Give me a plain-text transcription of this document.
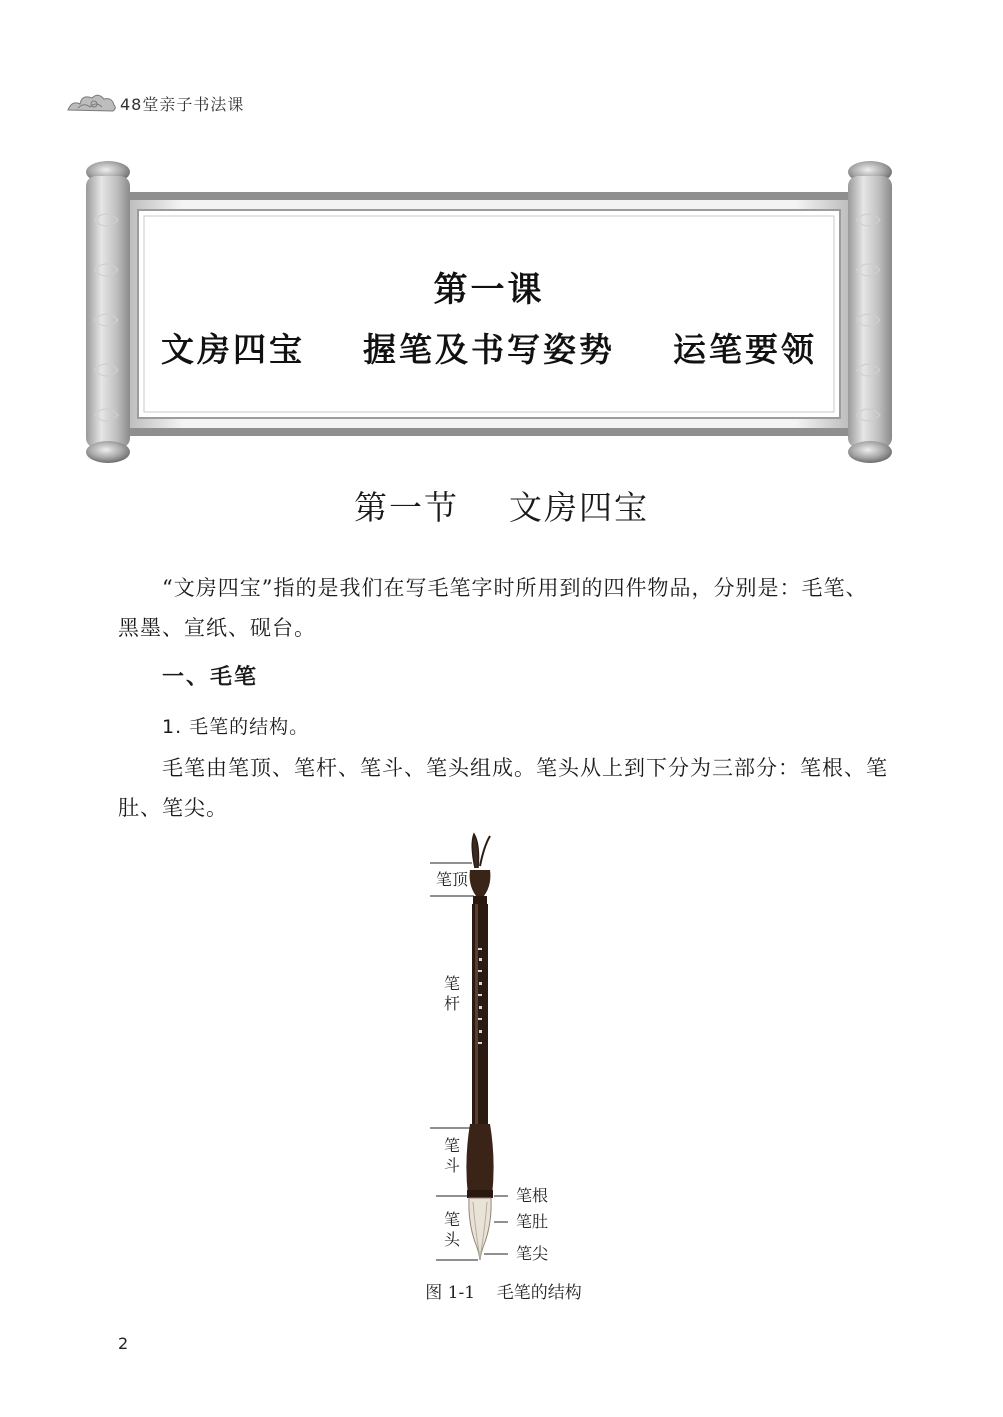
48堂亲子书法课
第一课
文房四宝    握笔及书写姿势    运笔要领
第一节    文房四宝
“文房四宝”指的是我们在写毛笔字时所用到的四件物品，分别是：毛笔、黑墨、宣纸、砚台。
一、毛笔
1. 毛笔的结构。
毛笔由笔顶、笔杆、笔斗、笔头组成。笔头从上到下分为三部分：笔根、笔肚、笔尖。
笔顶
笔杆
笔斗
笔头
笔根
笔肚
笔尖
图 1-1    毛笔的结构
2
